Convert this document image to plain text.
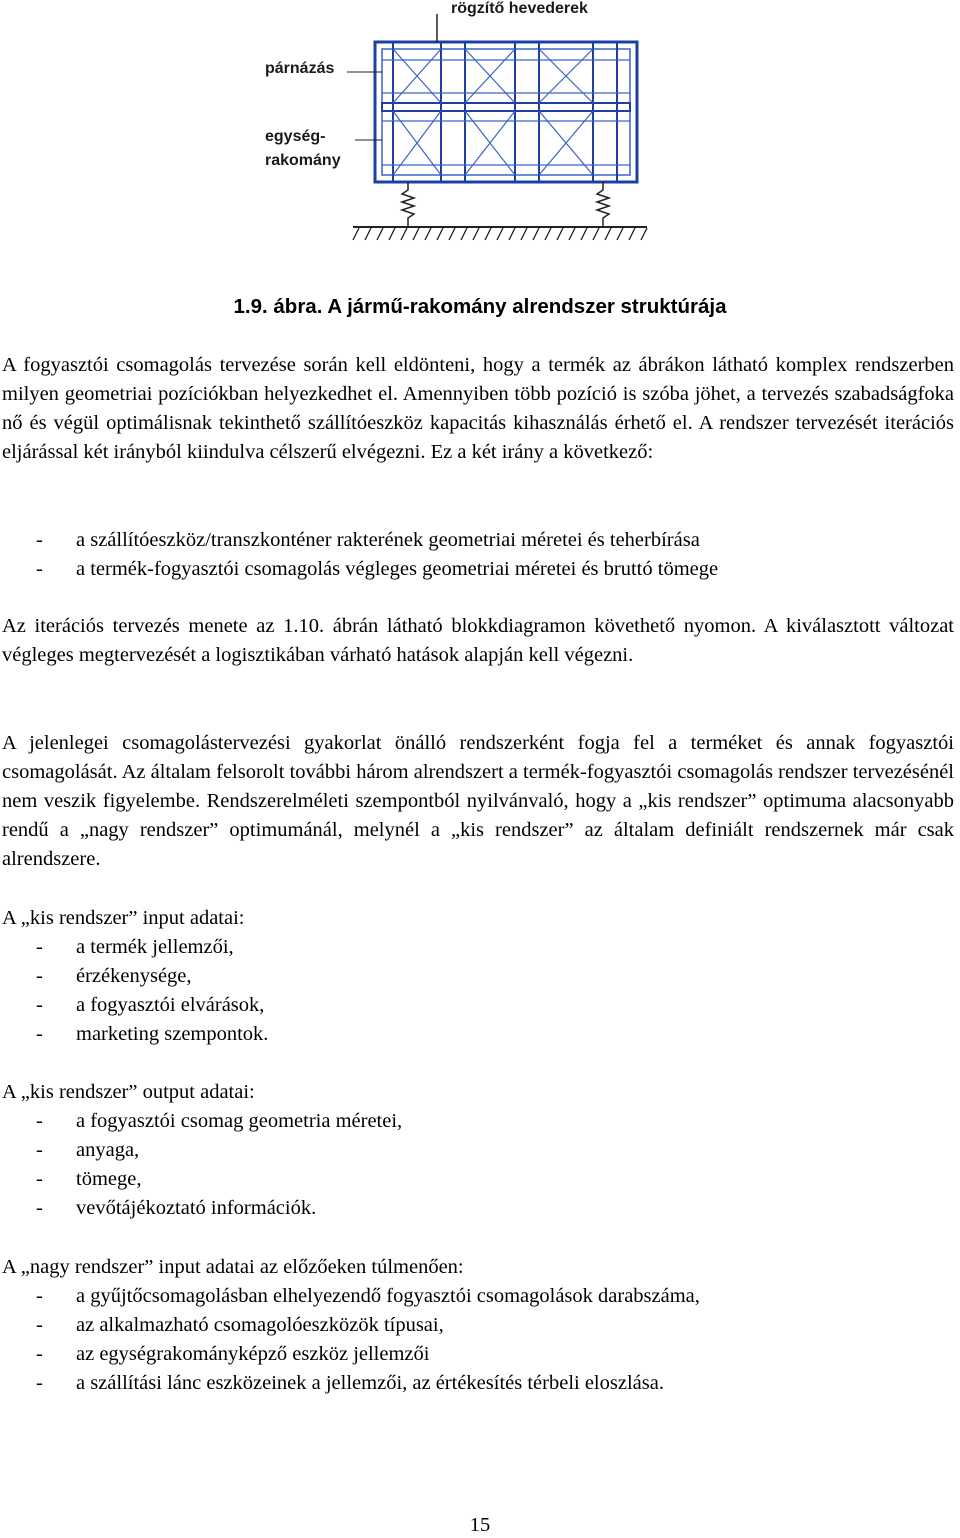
rögzítő hevederek
párnázás
egység-
rakomány
1.9. ábra. A jármű-rakomány alrendszer struktúrája

A fogyasztói csomagolás tervezése során kell eldönteni, hogy a termék az ábrákon látható komplex rendszerben milyen geometriai pozíciókban helyezkedhet el. Amennyiben több pozíció is szóba jöhet, a tervezés szabadságfoka nő és végül optimálisnak tekinthető szállítóeszköz kapacitás kihasználás érhető el. A rendszer tervezését iterációs eljárással két irányból kiindulva célszerű elvégezni. Ez a két irány a következő:

- a szállítóeszköz/transzkonténer rakterének geometriai méretei és teherbírása
- a termék-fogyasztói csomagolás végleges geometriai méretei és bruttó tömege

Az iterációs tervezés menete az 1.10. ábrán látható blokkdiagramon követhető nyomon. A kiválasztott változat végleges megtervezését a logisztikában várható hatások alapján kell végezni.

A jelenlegei csomagolástervezési gyakorlat önálló rendszerként fogja fel a terméket és annak fogyasztói csomagolását. Az általam felsorolt további három alrendszert a termék-fogyasztói csomagolás rendszer tervezésénél nem veszik figyelembe. Rendszerelméleti szempontból nyilvánvaló, hogy a „kis rendszer” optimuma alacsonyabb rendű a „nagy rendszer” optimumánál, melynél a „kis rendszer” az általam definiált rendszernek már csak alrendszere.

A „kis rendszer” input adatai:
- a termék jellemzői,
- érzékenysége,
- a fogyasztói elvárások,
- marketing szempontok.
A „kis rendszer” output adatai:
- a fogyasztói csomag geometria méretei,
- anyaga,
- tömege,
- vevőtájékoztató információk.
A „nagy rendszer” input adatai az előzőeken túlmenően:
- a gyűjtőcsomagolásban elhelyezendő fogyasztói csomagolások darabszáma,
- az alkalmazható csomagolóeszközök típusai,
- az egységrakományképző eszköz jellemzői
- a szállítási lánc eszközeinek a jellemzői, az értékesítés térbeli eloszlása.
15
